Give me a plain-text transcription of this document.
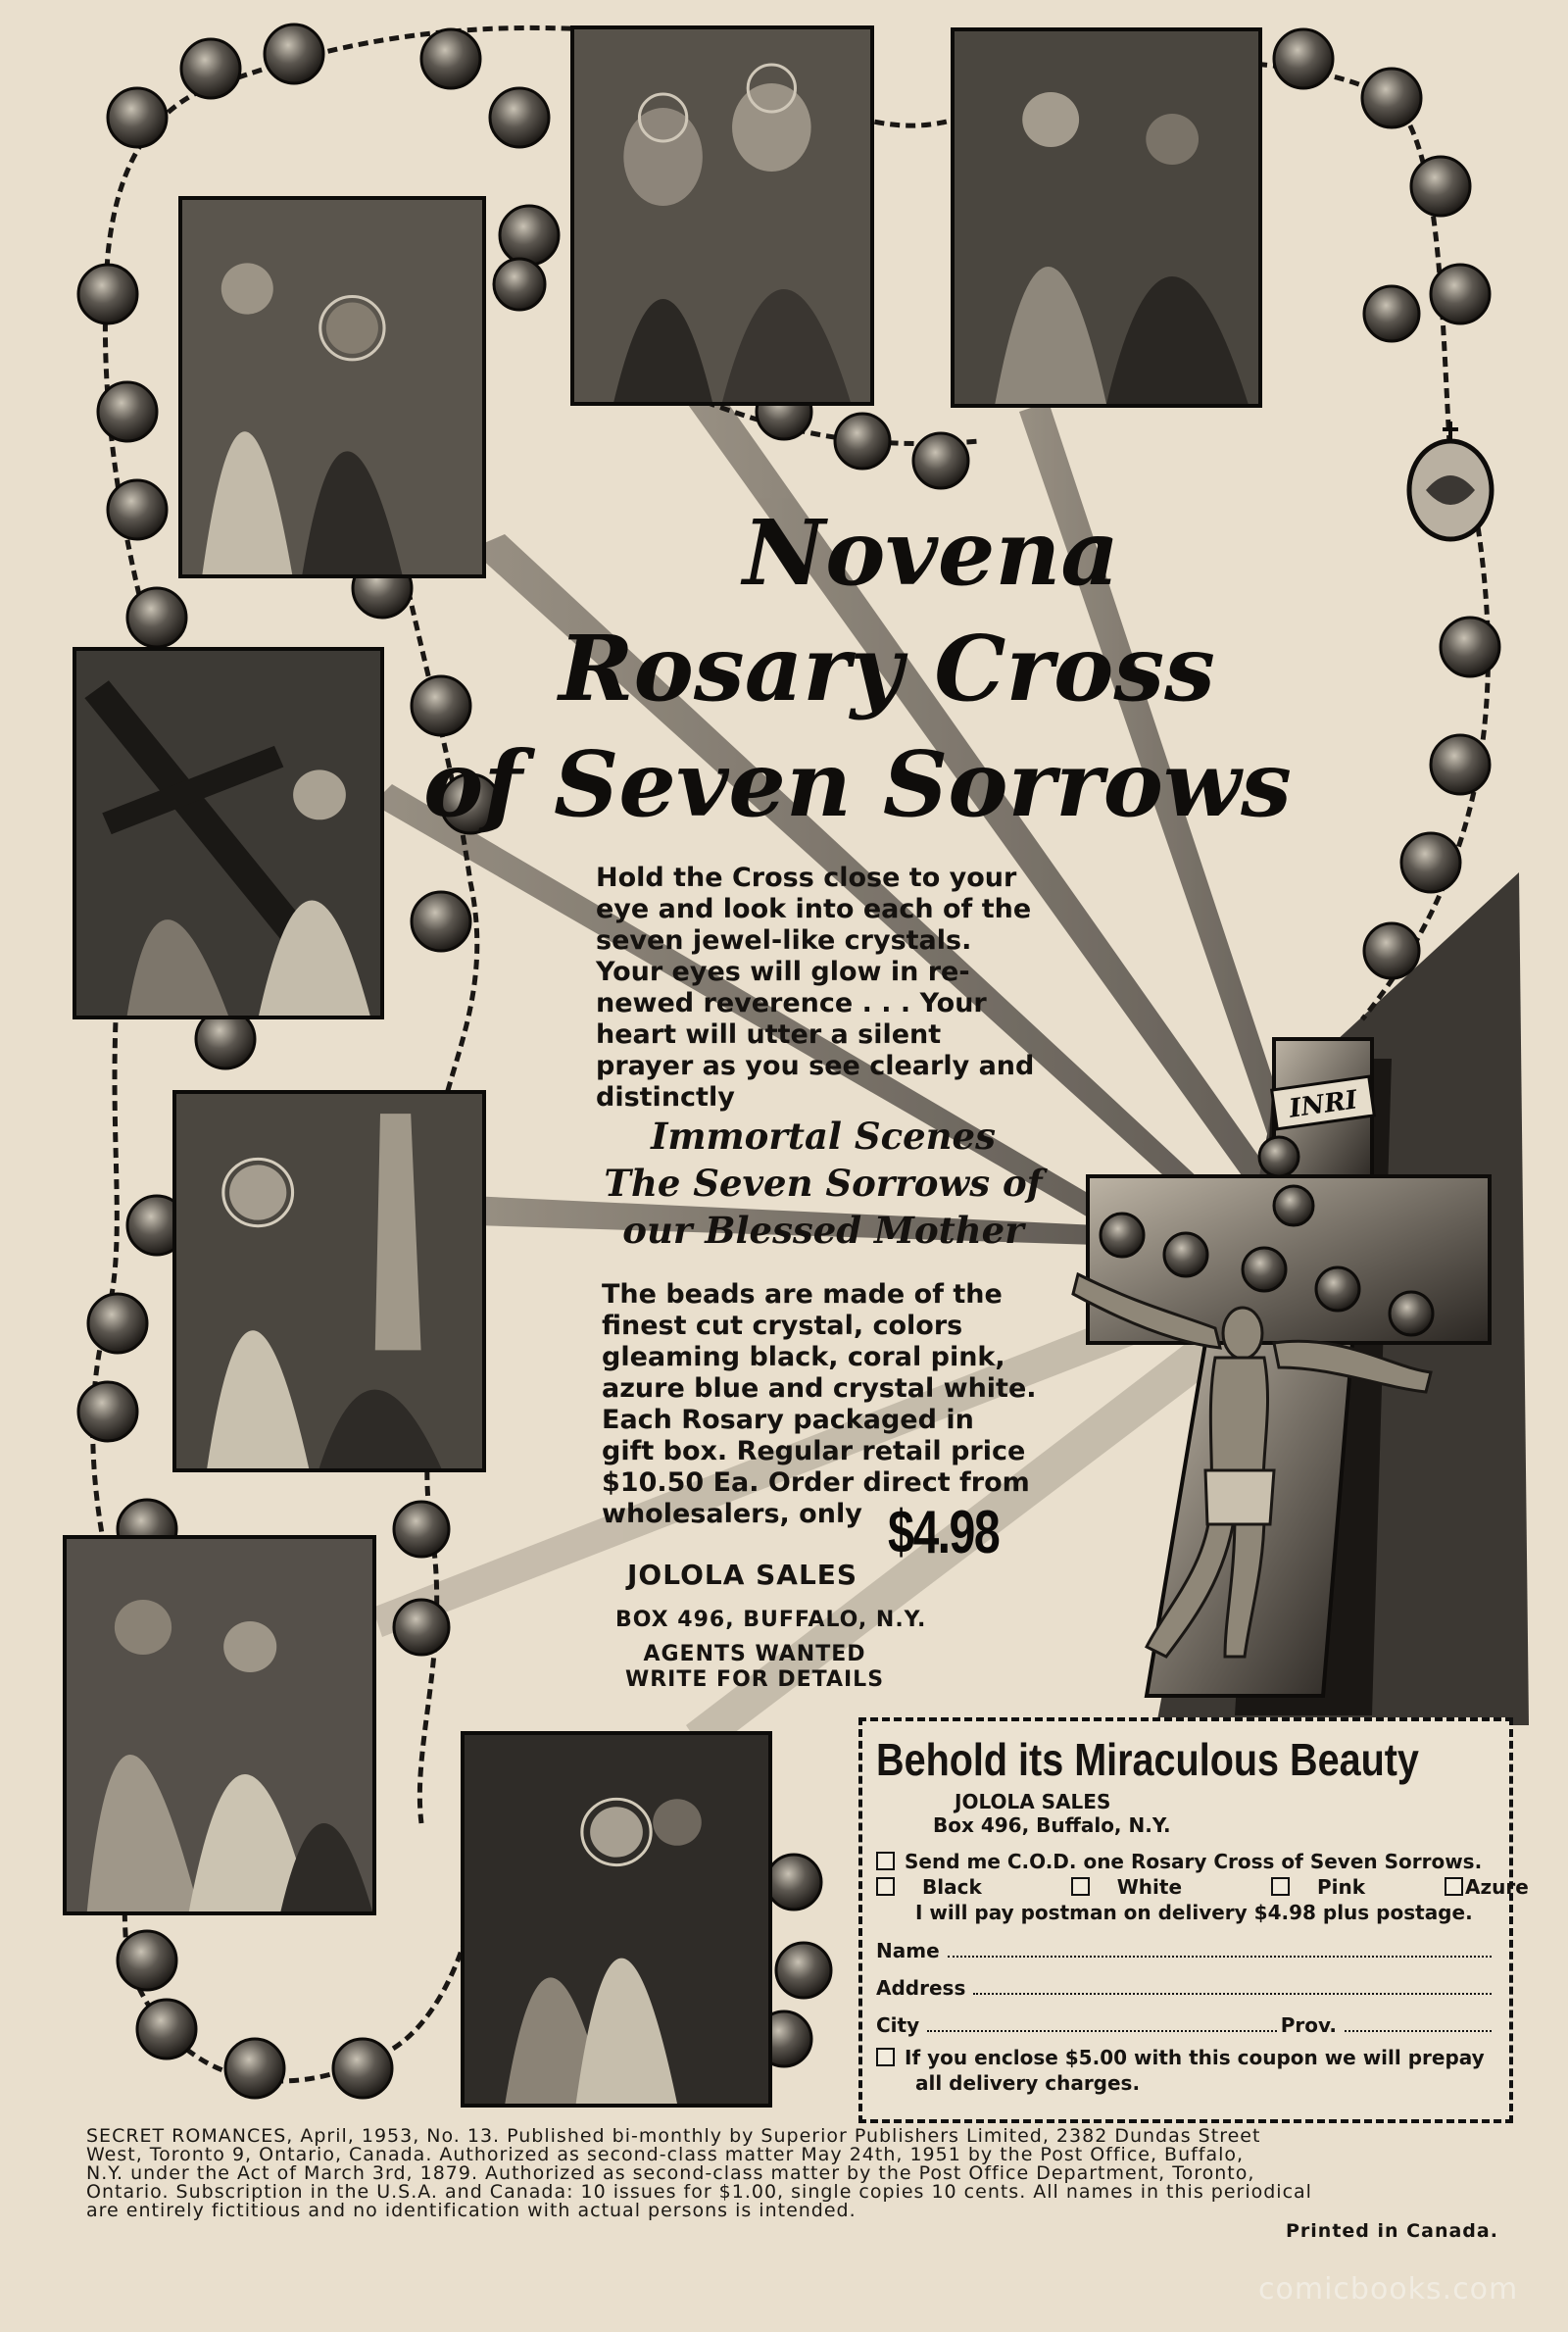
INRI
Novena
Rosary Cross
of Seven Sorrows
Hold the Cross close to your
eye and look into each of the
seven jewel-like crystals.
Your eyes will glow in re-
newed reverence . . . Your
heart will utter a silent
prayer as you see clearly and
distinctly
Immortal Scenes
The Seven Sorrows of
our Blessed Mother
The beads are made of the
finest cut crystal, colors
gleaming black, coral pink,
azure blue and crystal white.
Each Rosary packaged in
gift box. Regular retail price
$10.50 Ea. Order direct from
wholesalers, only $4.98
JOLOLA SALES
BOX 496, BUFFALO, N.Y.
AGENTS WANTED
WRITE FOR DETAILS
Behold its Miraculous Beauty
JOLOLA SALES
Box 496, Buffalo, N.Y.
Send me C.O.D. one Rosary Cross of Seven Sorrows.
Black	White	Pink	Azure
I will pay postman on delivery $4.98 plus postage.
Name
Address
City	Prov.
If you enclose $5.00 with this coupon we will prepay
all delivery charges.
SECRET ROMANCES, April, 1953, No. 13. Published bi-monthly by Superior Publishers Limited, 2382 Dundas Street
West, Toronto 9, Ontario, Canada. Authorized as second-class matter May 24th, 1951 by the Post Office, Buffalo,
N.Y. under the Act of March 3rd, 1879. Authorized as second-class matter by the Post Office Department, Toronto,
Ontario. Subscription in the U.S.A. and Canada: 10 issues for $1.00, single copies 10 cents. All names in this periodical
are entirely fictitious and no identification with actual persons is intended.
Printed in Canada.
comicbooks.com
